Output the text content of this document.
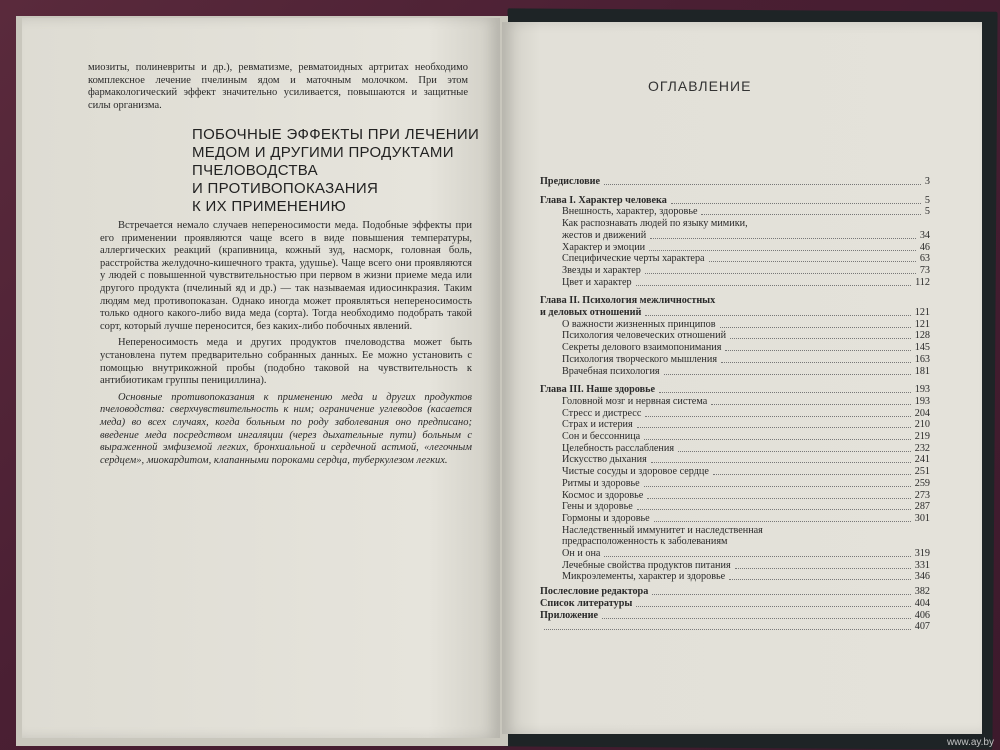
миозиты, полиневриты и др.), ревматизме, ревматоидных артритах необходимо комплексное лечение пчелиным ядом и маточным молочком. При этом фармакологический эффект значительно усиливается, повышаются и защитные силы организма.
ПОБОЧНЫЕ ЭФФЕКТЫ ПРИ ЛЕЧЕНИИ
МЕДОМ И ДРУГИМИ ПРОДУКТАМИ
ПЧЕЛОВОДСТВА
И ПРОТИВОПОКАЗАНИЯ
К ИХ ПРИМЕНЕНИЮ

Встречается немало случаев непереносимости меда. Подобные эффекты при его применении проявляются чаще всего в виде повышения температуры, аллергических реакций (крапивница, кожный зуд, насморк, головная боль, расстройства желудочно-кишечного тракта, удушье). Чаще всего они проявляются у людей с повышенной чувствительностью при первом в жизни приеме меда или другого продукта (пчелиный яд и др.) — так называемая идиосинкразия. Таким людям мед противопоказан. Однако иногда может проявляться непереносимость только одного какого-либо вида меда (сорта). Тогда необходимо подобрать такой сорт, который лучше переносится, без каких-либо побочных явлений.

Непереносимость меда и других продуктов пчеловодства может быть установлена путем предварительно собранных данных. Ее можно установить с помощью внутрикожной пробы (подобно таковой на чувствительность к антибиотикам группы пенициллина).

Основные противопоказания к применению меда и других продуктов пчеловодства: сверхчувствительность к ним; ограничение углеводов (касается меда) во всех случаях, когда больным по роду заболевания оно предписано; введение меда посредством ингаляции (через дыхательные пути) больным с выраженной эмфиземой легких, бронхиальной и сердечной астмой, «легочным сердцем», миокардитом, клапанными пороками сердца, туберкулезом легких.

ОГЛАВЛЕНИЕ
Предисловие	3
Глава I. Характер человека	5
Внешность, характер, здоровье	5
Как распознавать людей по языку мимики,
жестов и движений	34
Характер и эмоции	46
Специфические черты характера	63
Звезды и характер	73
Цвет и характер	112
Глава II. Психология межличностных
и деловых отношений	121
О важности жизненных принципов	121
Психология человеческих отношений	128
Секреты делового взаимопонимания	145
Психология творческого мышления	163
Врачебная психология	181
Глава III. Наше здоровье	193
Головной мозг и нервная система	193
Стресс и дистресс	204
Страх и истерия	210
Сон и бессонница	219
Целебность расслабления	232
Искусство дыхания	241
Чистые сосуды и здоровое сердце	251
Ритмы и здоровье	259
Космос и здоровье	273
Гены и здоровье	287
Гормоны и здоровье	301
Наследственный иммунитет и наследственная
предрасположенность к заболеваниям
Он и она	319
Лечебные свойства продуктов питания	331
Микроэлементы, характер и здоровье	346
Послесловие редактора	382
Список литературы	404
Приложение	406
407
www.ay.by
